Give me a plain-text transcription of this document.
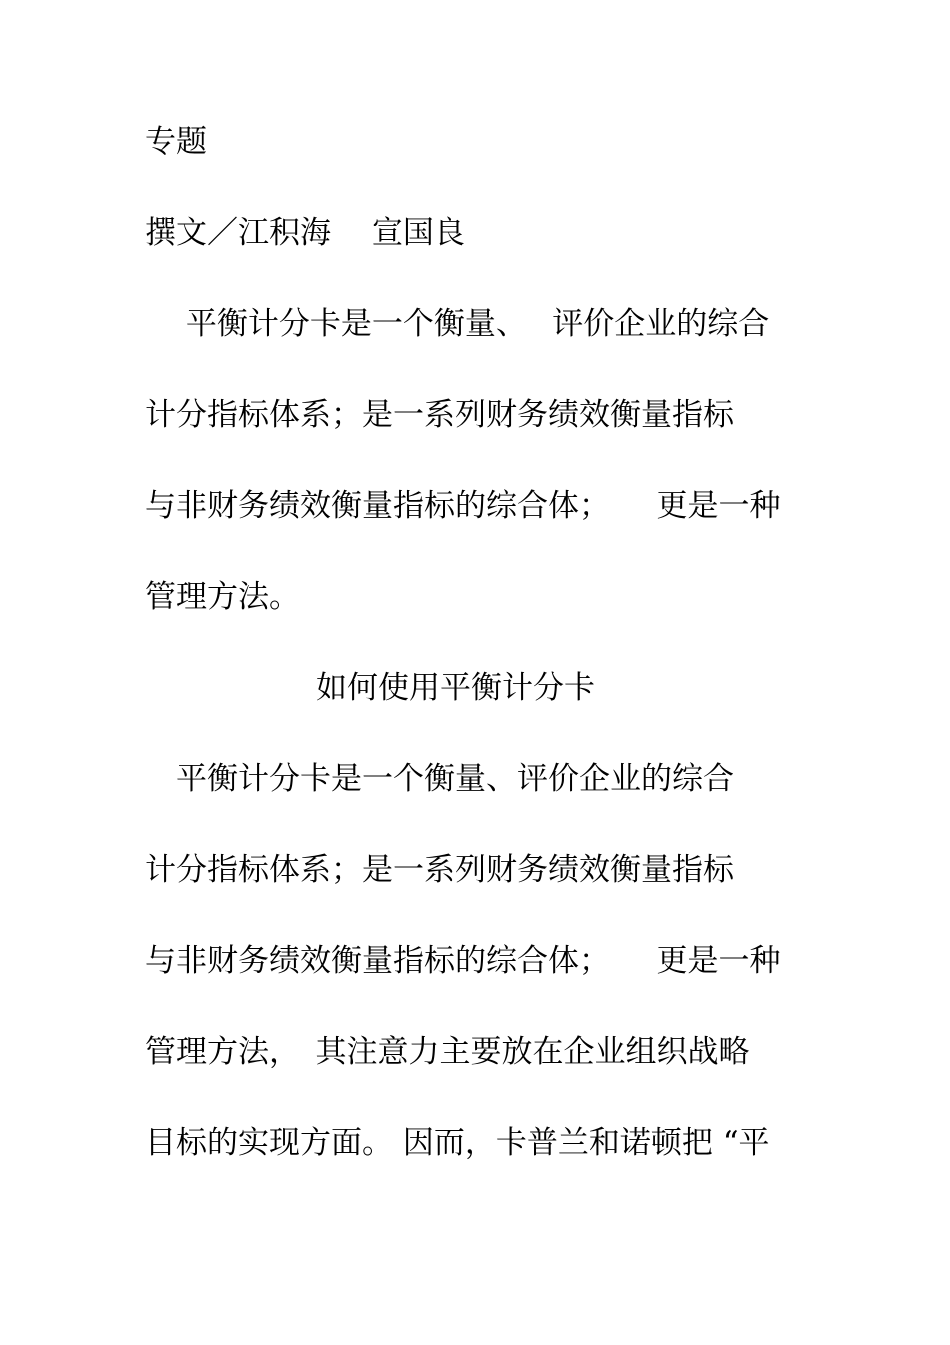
专题
撰文／江积海　 宣国良
　 平衡计分卡是一个衡量、　 评价企业的综合
计分指标体系；是一系列财务绩效衡量指标
与非财务绩效衡量指标的综合体；　　更是一种
管理方法。
如何使用平衡计分卡
　平衡计分卡是一个衡量、评价企业的综合
计分指标体系；是一系列财务绩效衡量指标
与非财务绩效衡量指标的综合体；　　更是一种
管理方法，　其注意力主要放在企业组织战略
目标的实现方面。 因而，卡普兰和诺顿把 “平
